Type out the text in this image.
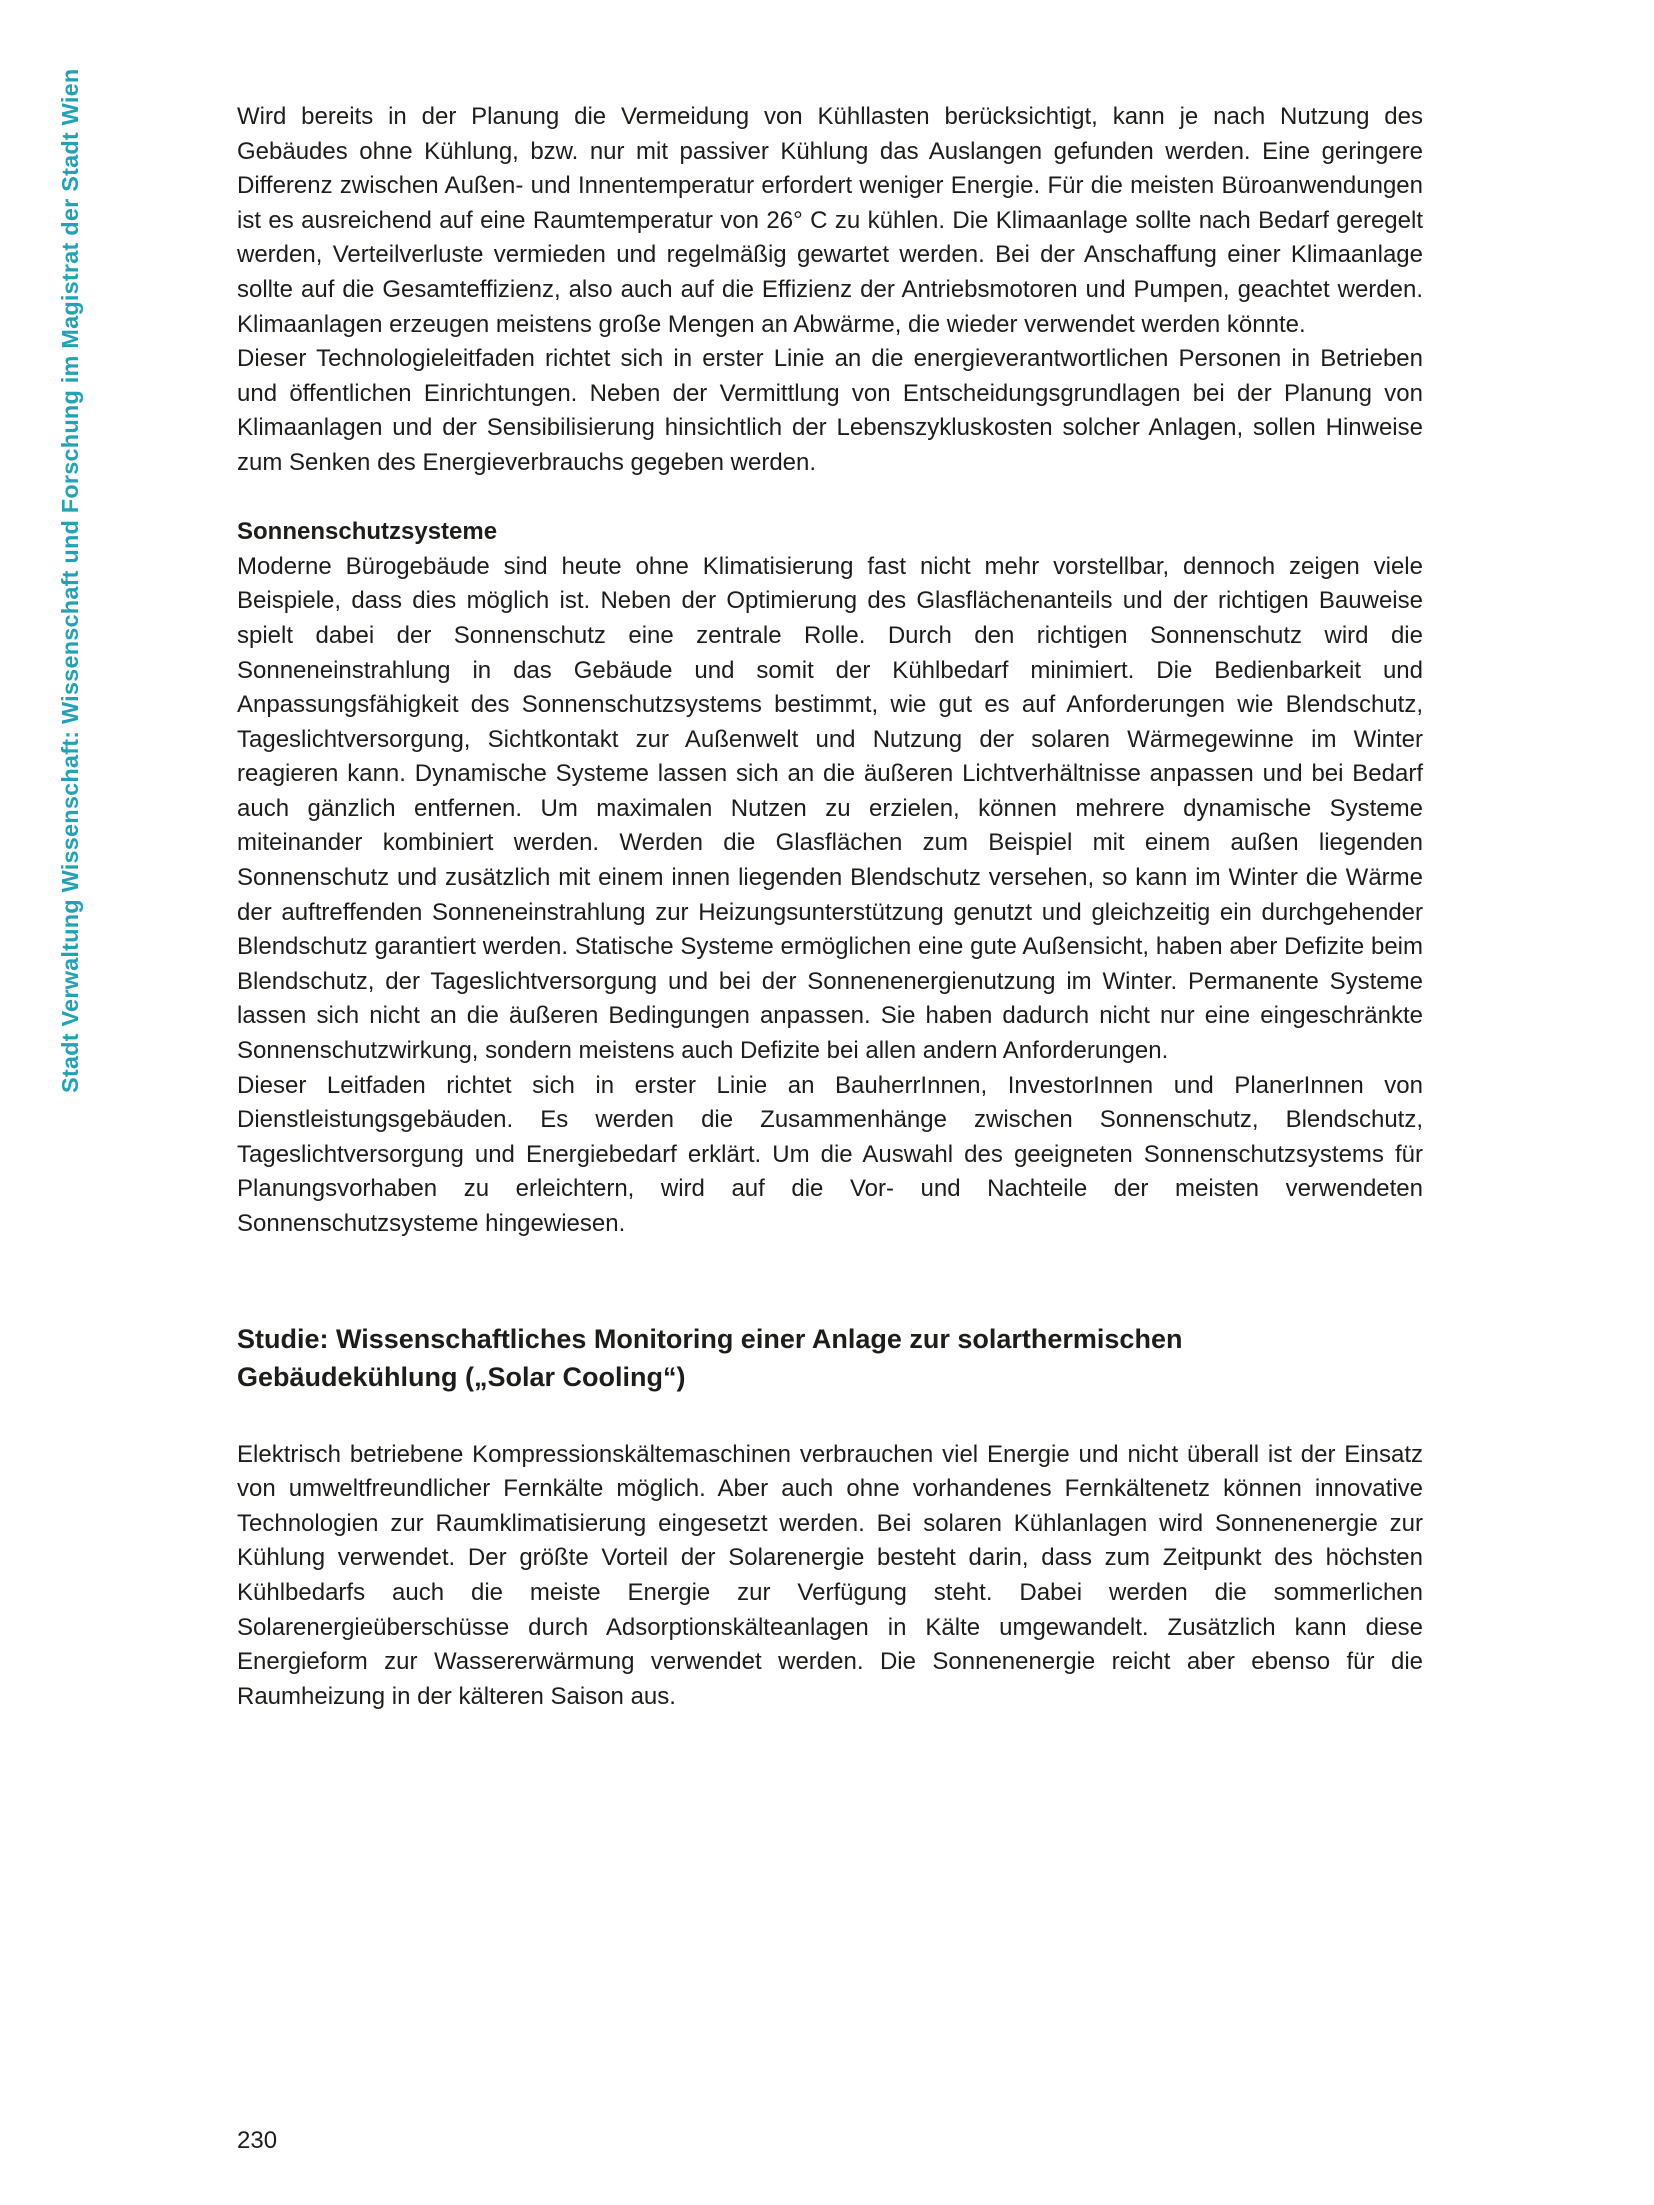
Stadt Verwaltung Wissenschaft: Wissenschaft und Forschung im Magistrat der Stadt Wien	Wird bereits in der Planung die Vermeidung von Kühllasten berücksichtigt, kann je nach Nutzung des Gebäudes ohne Kühlung, bzw. nur mit passiver Kühlung das Auslangen gefunden werden. Eine geringere Differenz zwischen Außen- und Innentemperatur erfordert weniger Energie. Für die meisten Büroanwendungen ist es ausreichend auf eine Raumtemperatur von 26° C zu kühlen. Die Klimaanlage sollte nach Bedarf geregelt werden, Verteilverluste vermieden und regelmäßig gewartet werden. Bei der Anschaffung einer Klimaanlage sollte auf die Gesamteffizienz, also auch auf die Effizienz der Antriebsmotoren und Pumpen, geachtet werden. Klimaanlagen erzeugen meistens große Mengen an Abwärme, die wieder verwendet werden könnte.

Dieser Technologieleitfaden richtet sich in erster Linie an die energieverantwortlichen Personen in Betrieben und öffentlichen Einrichtungen. Neben der Vermittlung von Entscheidungsgrundlagen bei der Planung von Klimaanlagen und der Sensibilisierung hinsichtlich der Lebenszykluskosten solcher Anlagen, sollen Hinweise zum Senken des Energieverbrauchs gegeben werden.

Sonnenschutzsysteme

Moderne Bürogebäude sind heute ohne Klimatisierung fast nicht mehr vorstellbar, dennoch zeigen viele Beispiele, dass dies möglich ist. Neben der Optimierung des Glasflächenanteils und der richtigen Bauweise spielt dabei der Sonnenschutz eine zentrale Rolle. Durch den richtigen Sonnenschutz wird die Sonneneinstrahlung in das Gebäude und somit der Kühlbedarf minimiert. Die Bedienbarkeit und Anpassungsfähigkeit des Sonnenschutzsystems bestimmt, wie gut es auf Anforderungen wie Blendschutz, Tageslichtversorgung, Sichtkontakt zur Außenwelt und Nutzung der solaren Wärmegewinne im Winter reagieren kann. Dynamische Systeme lassen sich an die äußeren Lichtverhältnisse anpassen und bei Bedarf auch gänzlich entfernen. Um maximalen Nutzen zu erzielen, können mehrere dynamische Systeme miteinander kombiniert werden. Werden die Glasflächen zum Beispiel mit einem außen liegenden Sonnenschutz und zusätzlich mit einem innen liegenden Blendschutz versehen, so kann im Winter die Wärme der auftreffenden Sonneneinstrahlung zur Heizungsunterstützung genutzt und gleichzeitig ein durchgehender Blendschutz garantiert werden. Statische Systeme ermöglichen eine gute Außensicht, haben aber Defizite beim Blendschutz, der Tageslichtversorgung und bei der Sonnenenergienutzung im Winter. Permanente Systeme lassen sich nicht an die äußeren Bedingungen anpassen. Sie haben dadurch nicht nur eine eingeschränkte Sonnenschutzwirkung, sondern meistens auch Defizite bei allen andern Anforderungen.

Dieser Leitfaden richtet sich in erster Linie an BauherrInnen, InvestorInnen und PlanerInnen von Dienstleistungsgebäuden. Es werden die Zusammenhänge zwischen Sonnenschutz, Blendschutz, Tageslichtversorgung und Energiebedarf erklärt. Um die Auswahl des geeigneten Sonnenschutzsystems für Planungsvorhaben zu erleichtern, wird auf die Vor- und Nachteile der meisten verwendeten Sonnenschutzsysteme hingewiesen.

Studie: Wissenschaftliches Monitoring einer Anlage zur solarthermischen
Gebäudekühlung („Solar Cooling“)

Elektrisch betriebene Kompressionskältemaschinen verbrauchen viel Energie und nicht überall ist der Einsatz von umweltfreundlicher Fernkälte möglich. Aber auch ohne vorhandenes Fernkältenetz können innovative Technologien zur Raumklimatisierung eingesetzt werden. Bei solaren Kühlanlagen wird Sonnenenergie zur Kühlung verwendet. Der größte Vorteil der Solarenergie besteht darin, dass zum Zeitpunkt des höchsten Kühlbedarfs auch die meiste Energie zur Verfügung steht. Dabei werden die sommerlichen Solarenergieüberschüsse durch Adsorptionskälteanlagen in Kälte umgewandelt. Zusätzlich kann diese Energieform zur Wassererwärmung verwendet werden. Die Sonnenenergie reicht aber ebenso für die Raumheizung in der kälteren Saison aus.

230
